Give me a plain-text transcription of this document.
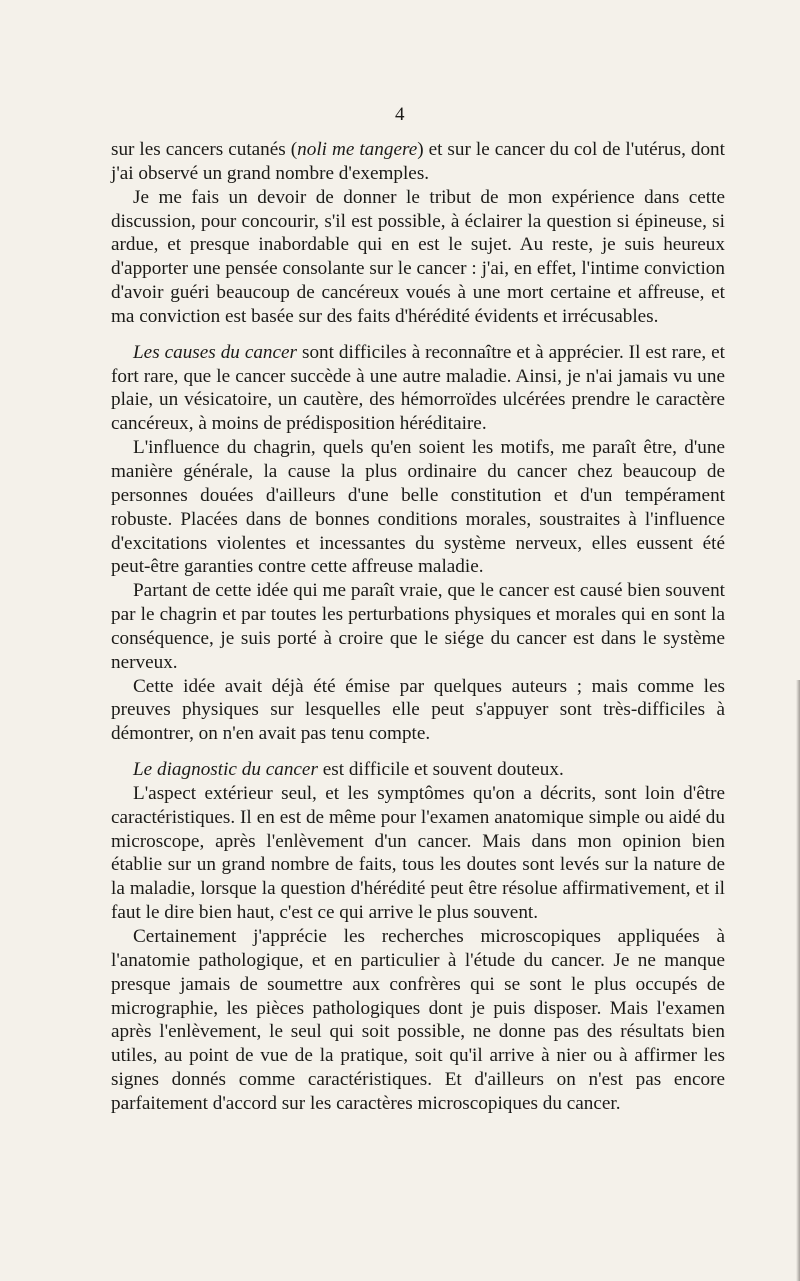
4

sur les cancers cutanés (noli me tangere) et sur le cancer du col de l'utérus, dont j'ai observé un grand nombre d'exemples.

Je me fais un devoir de donner le tribut de mon expérience dans cette discussion, pour concourir, s'il est possible, à éclairer la question si épineuse, si ardue, et presque inabordable qui en est le sujet. Au reste, je suis heureux d'apporter une pensée consolante sur le cancer : j'ai, en effet, l'intime conviction d'avoir guéri beaucoup de cancéreux voués à une mort certaine et affreuse, et ma conviction est basée sur des faits d'hérédité évidents et irrécusables.

Les causes du cancer sont difficiles à reconnaître et à apprécier. Il est rare, et fort rare, que le cancer succède à une autre maladie. Ainsi, je n'ai jamais vu une plaie, un vésicatoire, un cautère, des hémorroïdes ulcérées prendre le caractère cancéreux, à moins de prédisposition héréditaire.

L'influence du chagrin, quels qu'en soient les motifs, me paraît être, d'une manière générale, la cause la plus ordinaire du cancer chez beaucoup de personnes douées d'ailleurs d'une belle constitution et d'un tempérament robuste. Placées dans de bonnes conditions morales, soustraites à l'influence d'excitations violentes et incessantes du système nerveux, elles eussent été peut-être garanties contre cette affreuse maladie.

Partant de cette idée qui me paraît vraie, que le cancer est causé bien souvent par le chagrin et par toutes les perturbations physiques et morales qui en sont la conséquence, je suis porté à croire que le siége du cancer est dans le système nerveux.

Cette idée avait déjà été émise par quelques auteurs ; mais comme les preuves physiques sur lesquelles elle peut s'appuyer sont très-difficiles à démontrer, on n'en avait pas tenu compte.

Le diagnostic du cancer est difficile et souvent douteux.

L'aspect extérieur seul, et les symptômes qu'on a décrits, sont loin d'être caractéristiques. Il en est de même pour l'examen anatomique simple ou aidé du microscope, après l'enlèvement d'un cancer. Mais dans mon opinion bien établie sur un grand nombre de faits, tous les doutes sont levés sur la nature de la maladie, lorsque la question d'hérédité peut être résolue affirmativement, et il faut le dire bien haut, c'est ce qui arrive le plus souvent.

Certainement j'apprécie les recherches microscopiques appliquées à l'anatomie pathologique, et en particulier à l'étude du cancer. Je ne manque presque jamais de soumettre aux confrères qui se sont le plus occupés de micrographie, les pièces pathologiques dont je puis disposer. Mais l'examen après l'enlèvement, le seul qui soit possible, ne donne pas des résultats bien utiles, au point de vue de la pratique, soit qu'il arrive à nier ou à affirmer les signes donnés comme caractéristiques. Et d'ailleurs on n'est pas encore parfaitement d'accord sur les caractères microscopiques du cancer.
